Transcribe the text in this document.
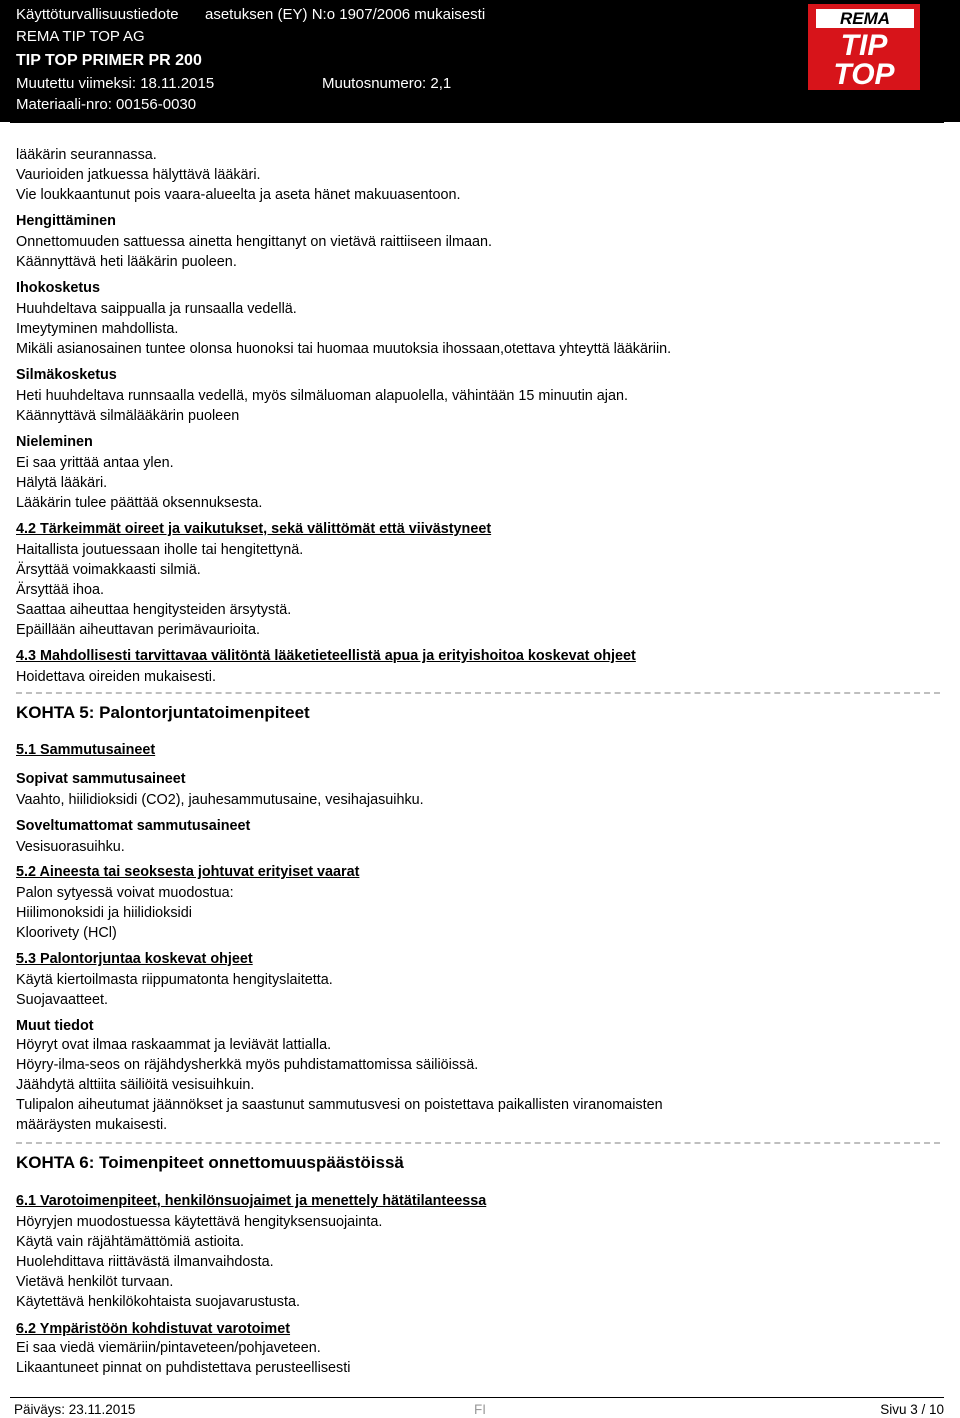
Käyttöturvallisuustiedote asetuksen (EY) N:o 1907/2006 mukaisesti
REMA TIP TOP AG
TIP TOP PRIMER PR 200
Muutettu viimeksi: 18.11.2015	Muutosnumero: 2,1
Materiaali-nro: 00156-0030
REMA
TIP
TOP
lääkärin seurannassa.
Vaurioiden jatkuessa hälyttävä lääkäri.
Vie loukkaantunut pois vaara-alueelta ja aseta hänet makuuasentoon.
Hengittäminen
Onnettomuuden sattuessa ainetta hengittanyt on vietävä raittiiseen ilmaan.
Käännyttävä heti lääkärin puoleen.
Ihokosketus
Huuhdeltava saippualla ja runsaalla vedellä.
Imeytyminen mahdollista.
Mikäli asianosainen tuntee olonsa huonoksi tai huomaa muutoksia ihossaan,otettava yhteyttä lääkäriin.
Silmäkosketus
Heti huuhdeltava runnsaalla vedellä, myös silmäluoman alapuolella, vähintään 15 minuutin ajan.
Käännyttävä silmälääkärin puoleen
Nieleminen
Ei saa yrittää antaa ylen.
Hälytä lääkäri.
Lääkärin tulee päättää oksennuksesta.
4.2 Tärkeimmät oireet ja vaikutukset, sekä välittömät että viivästyneet
Haitallista joutuessaan iholle tai hengitettynä.
Ärsyttää voimakkaasti silmiä.
Ärsyttää ihoa.
Saattaa aiheuttaa hengitysteiden ärsytystä.
Epäillään aiheuttavan perimävaurioita.
4.3 Mahdollisesti tarvittavaa välitöntä lääketieteellistä apua ja erityishoitoa koskevat ohjeet
Hoidettava oireiden mukaisesti.
KOHTA 5: Palontorjuntatoimenpiteet
5.1 Sammutusaineet
Sopivat sammutusaineet
Vaahto, hiilidioksidi (CO2), jauhesammutusaine, vesihajasuihku.
Soveltumattomat sammutusaineet
Vesisuorasuihku.
5.2 Aineesta tai seoksesta johtuvat erityiset vaarat
Palon sytyessä voivat muodostua:
Hiilimonoksidi ja hiilidioksidi
Kloorivety (HCl)
5.3 Palontorjuntaa koskevat ohjeet
Käytä kiertoilmasta riippumatonta hengityslaitetta.
Suojavaatteet.
Muut tiedot
Höyryt ovat ilmaa raskaammat ja leviävät lattialla.
Höyry-ilma-seos on räjähdysherkkä myös puhdistamattomissa säiliöissä.
Jäähdytä alttiita säiliöitä vesisuihkuin.
Tulipalon aiheutumat jäännökset ja saastunut sammutusvesi on poistettava paikallisten viranomaisten
määräysten mukaisesti.
KOHTA 6: Toimenpiteet onnettomuuspäästöissä
6.1 Varotoimenpiteet, henkilönsuojaimet ja menettely hätätilanteessa
Höyryjen muodostuessa käytettävä hengityksensuojainta.
Käytä vain räjähtämättömiä astioita.
Huolehdittava riittävästä ilmanvaihdosta.
Vietävä henkilöt turvaan.
Käytettävä henkilökohtaista suojavarustusta.
6.2 Ympäristöön kohdistuvat varotoimet
Ei saa viedä viemäriin/pintaveteen/pohjaveteen.
Likaantuneet pinnat on puhdistettava perusteellisesti
Päiväys: 23.11.2015	FI	Sivu 3 / 10
